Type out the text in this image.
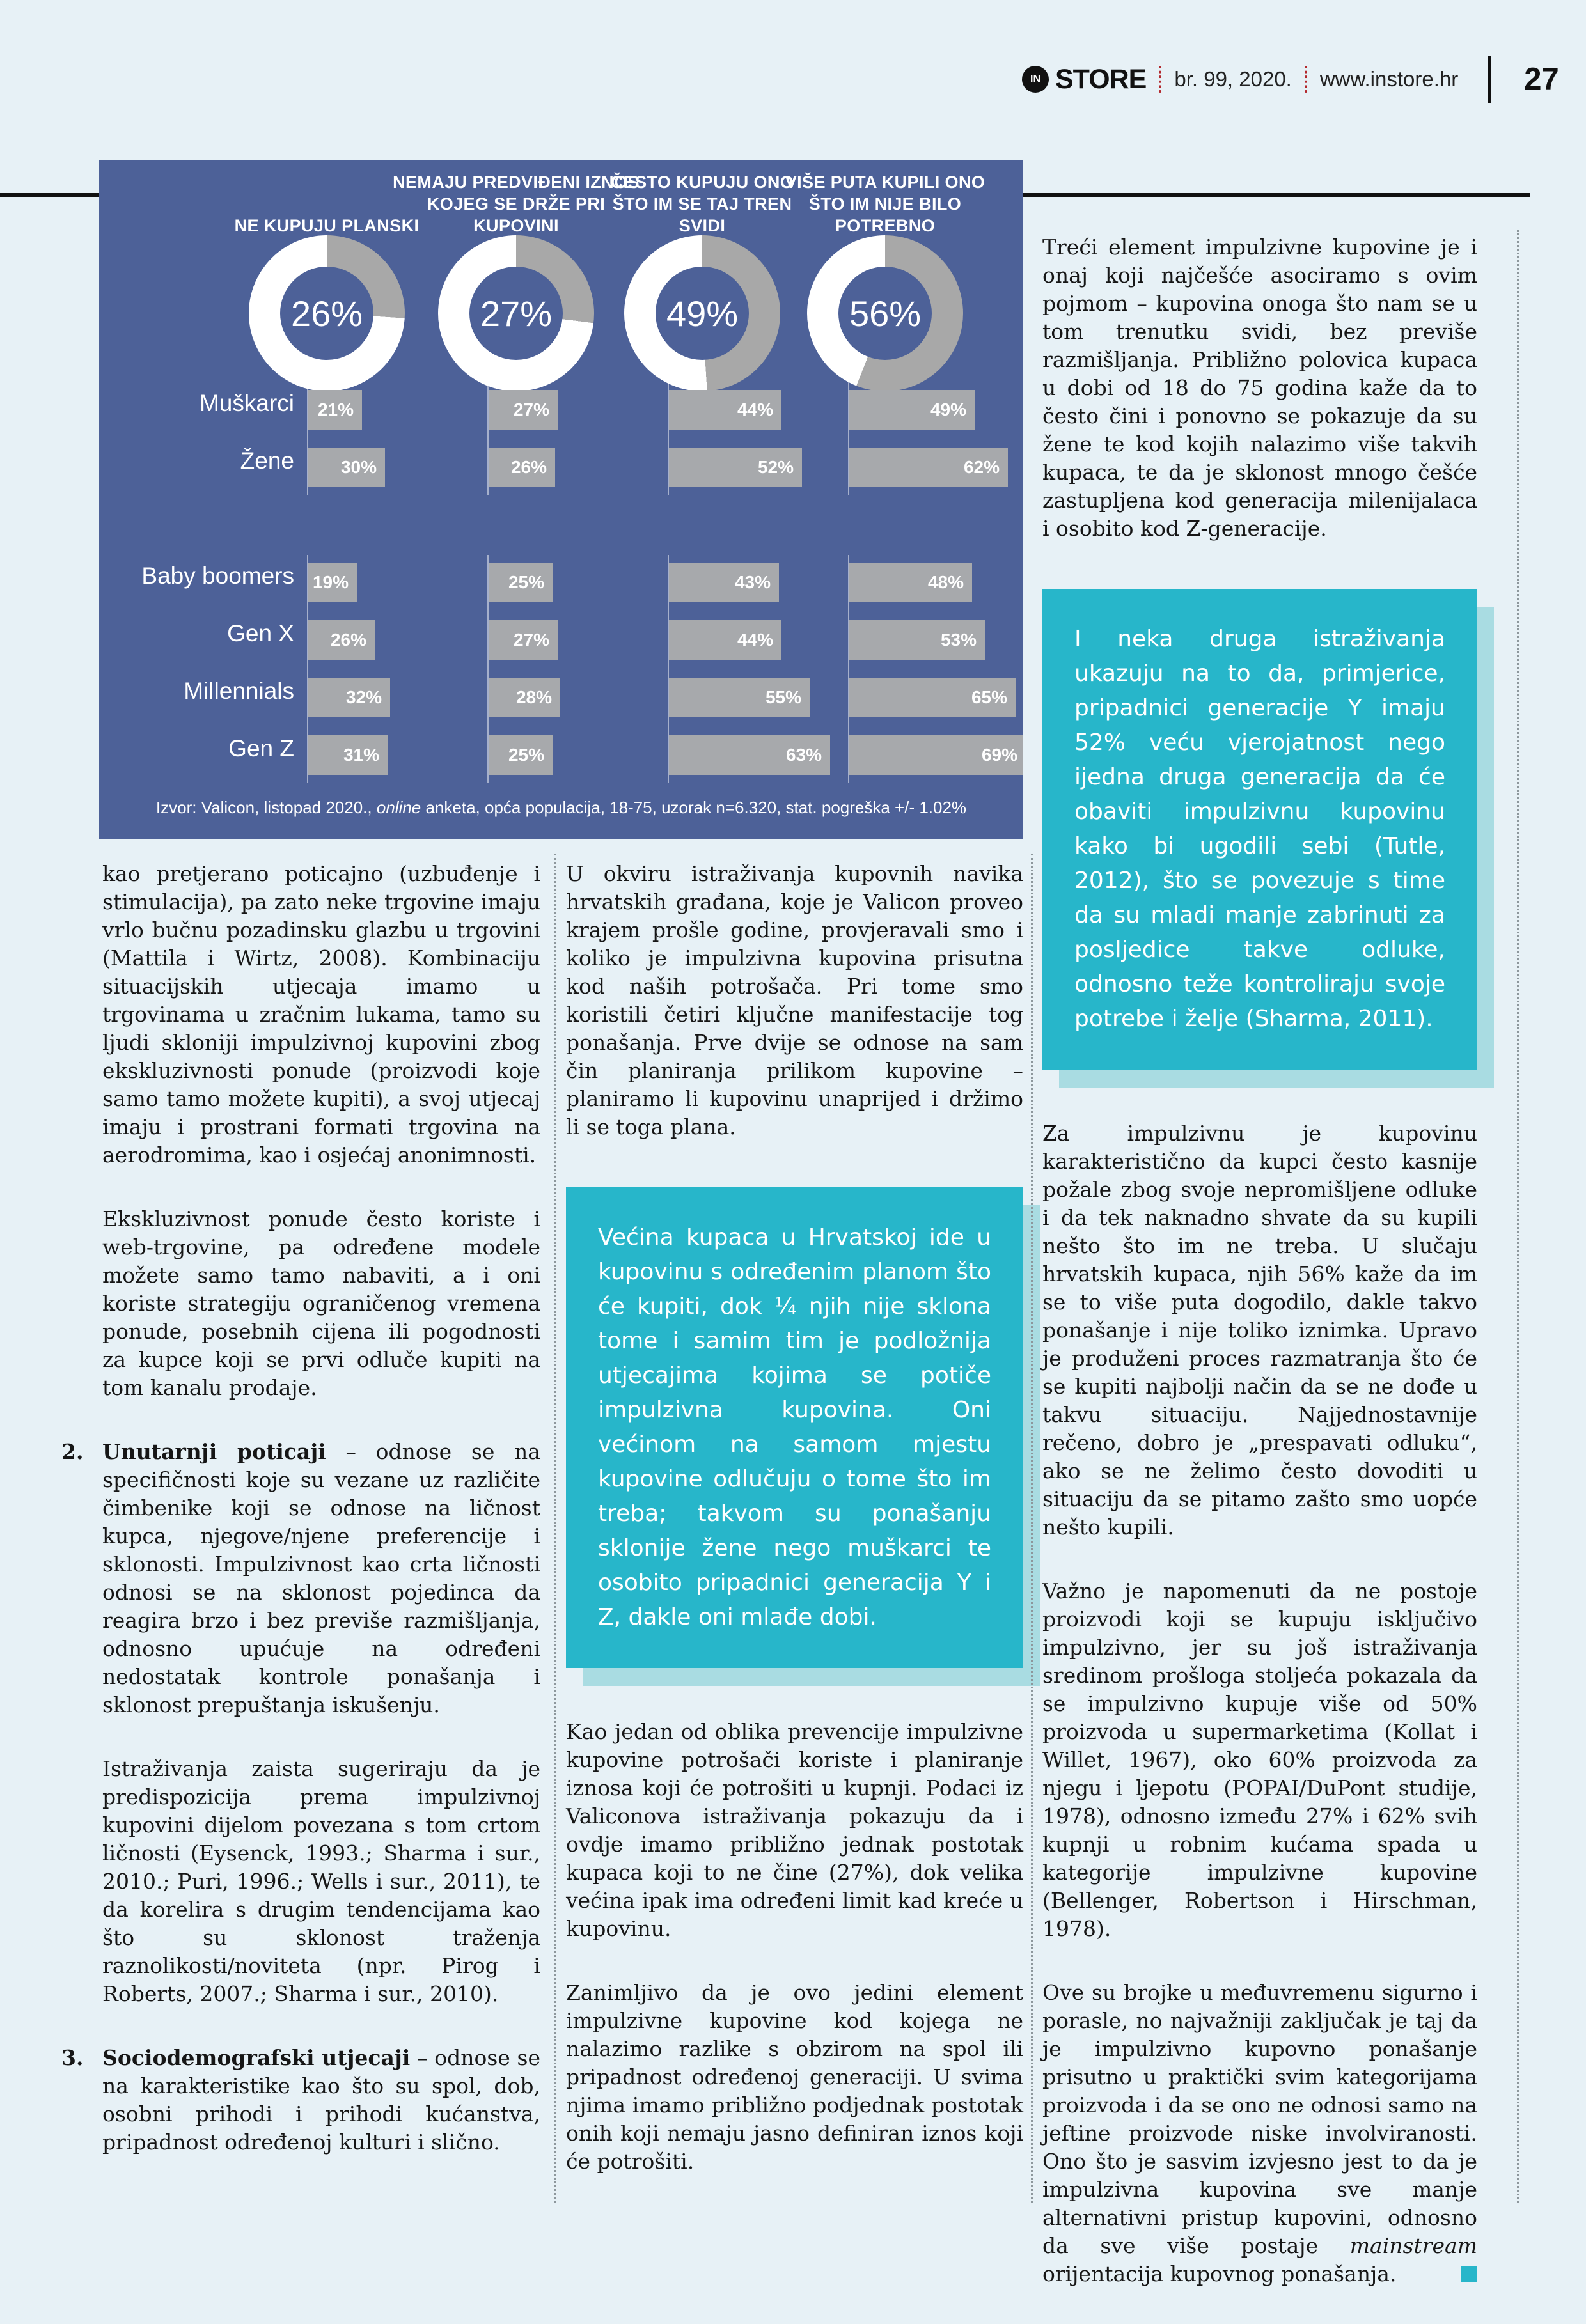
IN STORE br. 99, 2020. www.instore.hr 27
Izvor: Valicon, listopad 2020., online anketa, opća populacija, 18-75, uzorak n=6.320, stat. pogreška +/- 1.02%
NE KUPUJU PLANSKI
26%
NEMAJU PREDVIĐENI IZNOS
KOJEG SE DRŽE PRI
KUPOVINI
27%
ČESTO KUPUJU ONO
ŠTO IM SE TAJ TREN
SVIDI
49%
VIŠE PUTA KUPILI ONO
ŠTO IM NIJE BILO
POTREBNO
56%
Muškarci 21%	27%	44%	49%
Žene	30%	26%	52%	62%
Baby boomers 19%	25%	43%	48%
Gen X 26%	27%	44%	53%
Millennials	32%	28%	55%	65%
Gen Z	31%	25%	63%	69%
kao pretjerano poticajno (uzbuđenje i stimulacija), pa zato neke trgovine imaju vrlo bučnu pozadinsku glazbu u trgovini (Mattila i Wirtz, 2008). Kombinaciju situacijskih utjecaja imamo u trgovinama u zračnim lukama, tamo su ljudi skloniji impulzivnoj kupovini zbog ekskluzivnosti ponude (proizvodi koje samo tamo možete kupiti), a svoj utjecaj imaju i prostrani formati trgovina na aerodromima, kao i osjećaj anonimnosti.
Ekskluzivnost ponude često koriste i web-trgovine, pa određene modele možete samo tamo nabaviti, a i oni koriste strategiju ograničenog vremena ponude, posebnih cijena ili pogodnosti za kupce koji se prvi odluče kupiti na tom kanalu prodaje.
2. Unutarnji poticaji – odnose se na specifičnosti koje su vezane uz različite čimbenike koji se odnose na ličnost kupca, njegove/njene preferencije i sklonosti. Impulzivnost kao crta ličnosti odnosi se na sklonost pojedinca da reagira brzo i bez previše razmišljanja, odnosno upućuje na određeni nedostatak kontrole ponašanja i sklonost prepuštanja iskušenju.
Istraživanja zaista sugeriraju da je predispozicija prema impulzivnoj kupovini dijelom povezana s tom crtom ličnosti (Eysenck, 1993.; Sharma i sur., 2010.; Puri, 1996.; Wells i sur., 2011), te da korelira s drugim tendencijama kao što su sklonost traženja raznolikosti/noviteta (npr. Pirog i Roberts, 2007.; Sharma i sur., 2010).
3. Sociodemografski utjecaji – odnose se na karakteristike kao što su spol, dob, osobni prihodi i prihodi kućanstva, pripadnost određenoj kulturi i slično.
U okviru istraživanja kupovnih navika hrvatskih građana, koje je Valicon proveo krajem prošle godine, provjeravali smo i koliko je impulzivna kupovina prisutna kod naših potrošača. Pri tome smo koristili četiri ključne manifestacije tog ponašanja. Prve dvije se odnose na sam čin planiranja prilikom kupovine – planiramo li kupovinu unaprijed i držimo li se toga plana.
Većina kupaca u Hrvatskoj ide u kupovinu s određenim planom što će kupiti, dok ¼ njih nije sklona tome i samim tim je podložnija utjecajima kojima se potiče impulzivna kupovina. Oni većinom na samom mjestu kupovine odlučuju o tome što im treba; takvom su ponašanju sklonije žene nego muškarci te osobito pripadnici generacija Y i Z, dakle oni mlađe dobi.
Kao jedan od oblika prevencije impulzivne kupovine potrošači koriste i planiranje iznosa koji će potrošiti u kupnji. Podaci iz Valiconova istraživanja pokazuju da i ovdje imamo približno jednak postotak kupaca koji to ne čine (27%), dok velika većina ipak ima određeni limit kad kreće u kupovinu.
Zanimljivo da je ovo jedini element impulzivne kupovine kod kojega ne nalazimo razlike s obzirom na spol ili pripadnost određenoj generaciji. U svima njima imamo približno podjednak postotak onih koji nemaju jasno definiran iznos koji će potrošiti.
Treći element impulzivne kupovine je i onaj koji najčešće asociramo s ovim pojmom – kupovina onoga što nam se u tom trenutku svidi, bez previše razmišljanja. Približno polovica kupaca u dobi od 18 do 75 godina kaže da to često čini i ponovno se pokazuje da su žene te kod kojih nalazimo više takvih kupaca, te da je sklonost mnogo češće zastupljena kod generacija milenijalaca i osobito kod Z-generacije.
I neka druga istraživanja ukazuju na to da, primjerice, pripadnici generacije Y imaju 52% veću vjerojatnost nego ijedna druga generacija da će obaviti impulzivnu kupovinu kako bi ugodili sebi (Tutle, 2012), što se povezuje s time da su mladi manje zabrinuti za posljedice takve odluke, odnosno teže kontroliraju svoje potrebe i želje (Sharma, 2011).
Za impulzivnu je kupovinu karakteristično da kupci često kasnije požale zbog svoje nepromišljene odluke i da tek naknadno shvate da su kupili nešto što im ne treba. U slučaju hrvatskih kupaca, njih 56% kaže da im se to više puta dogodilo, dakle takvo ponašanje i nije toliko iznimka. Upravo je produženi proces razmatranja što će se kupiti najbolji način da se ne dođe u takvu situaciju. Najjednostavnije rečeno, dobro je „prespavati odluku“, ako se ne želimo često dovoditi u situaciju da se pitamo zašto smo uopće nešto kupili.
Važno je napomenuti da ne postoje proizvodi koji se kupuju isključivo impulzivno, jer su još istraživanja sredinom prošloga stoljeća pokazala da se impulzivno kupuje više od 50% proizvoda u supermarketima (Kollat i Willet, 1967), oko 60% proizvoda za njegu i ljepotu (POPAI/DuPont studije, 1978), odnosno između 27% i 62% svih kupnji u robnim kućama spada u kategorije impulzivne kupovine (Bellenger, Robertson i Hirschman, 1978).
Ove su brojke u međuvremenu sigurno i porasle, no najvažniji zaključak je taj da je impulzivno kupovno ponašanje prisutno u praktički svim kategorijama proizvoda i da se ono ne odnosi samo na jeftine proizvode niske involviranosti. Ono što je sasvim izvjesno jest to da je impulzivna kupovina sve manje alternativni pristup kupovini, odnosno da sve više postaje mainstream orijentacija kupovnog ponašanja.
